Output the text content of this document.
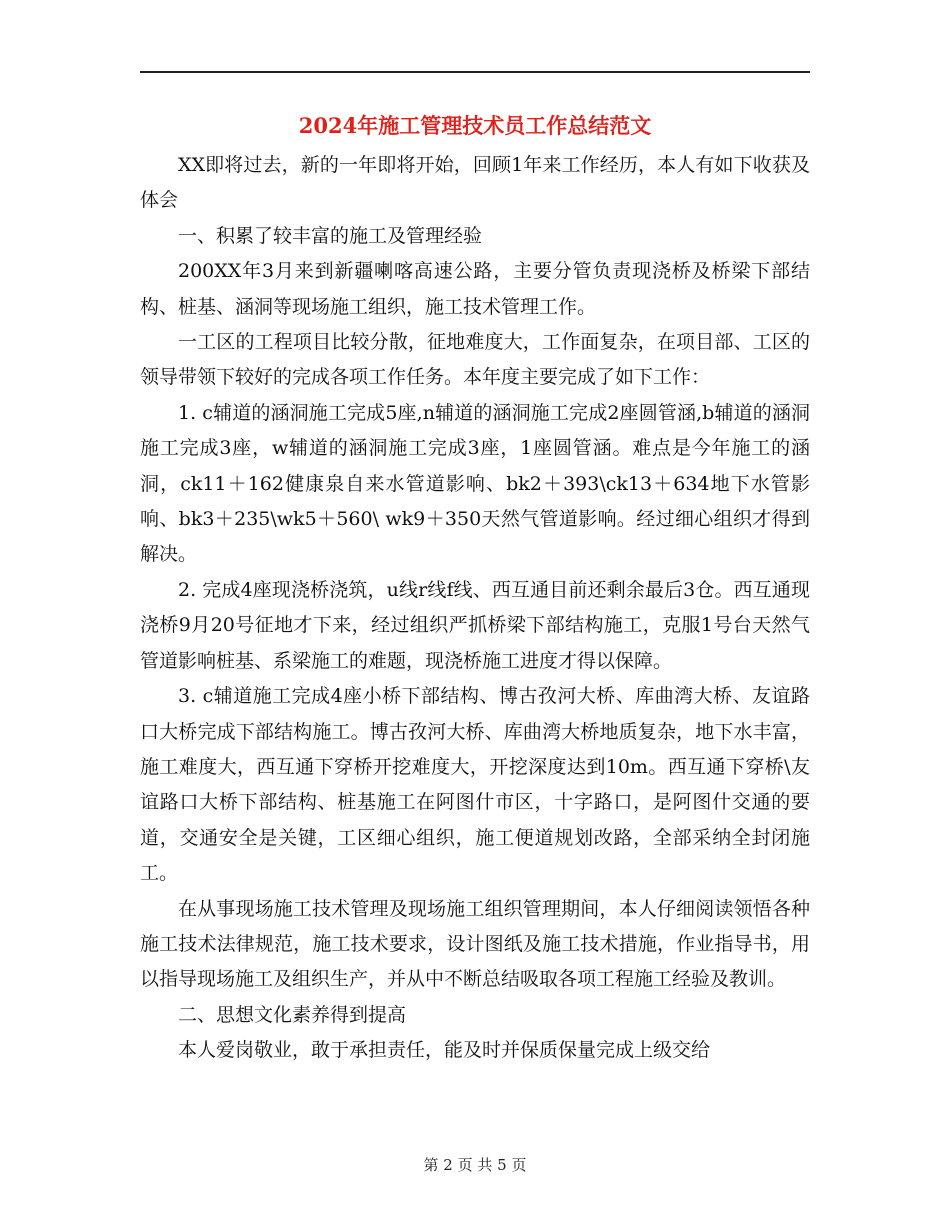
2024年施工管理技术员工作总结范文

XX即将过去，新的一年即将开始，回顾1年来工作经历，本人有如下收获及体会

一、积累了较丰富的施工及管理经验

200XX年3月来到新疆喇喀高速公路，主要分管负责现浇桥及桥梁下部结构、桩基、涵洞等现场施工组织，施工技术管理工作。

一工区的工程项目比较分散，征地难度大，工作面复杂，在项目部、工区的领导带领下较好的完成各项工作任务。本年度主要完成了如下工作：

1. c辅道的涵洞施工完成5座,n辅道的涵洞施工完成2座圆管涵,b辅道的涵洞施工完成3座，w辅道的涵洞施工完成3座，1座圆管涵。难点是今年施工的涵洞，ck11＋162健康泉自来水管道影响、bk2＋393\ck13＋634地下水管影响、bk3＋235\wk5＋560\ wk9＋350天然气管道影响。经过细心组织才得到解决。

2. 完成4座现浇桥浇筑，u线r线f线、西互通目前还剩余最后3仓。西互通现浇桥9月20号征地才下来，经过组织严抓桥梁下部结构施工，克服1号台天然气管道影响桩基、系梁施工的难题，现浇桥施工进度才得以保障。

3. c辅道施工完成4座小桥下部结构、博古孜河大桥、库曲湾大桥、友谊路口大桥完成下部结构施工。博古孜河大桥、库曲湾大桥地质复杂，地下水丰富，施工难度大，西互通下穿桥开挖难度大，开挖深度达到10m。西互通下穿桥\友谊路口大桥下部结构、桩基施工在阿图什市区，十字路口，是阿图什交通的要道，交通安全是关键，工区细心组织，施工便道规划改路，全部采纳全封闭施工。

在从事现场施工技术管理及现场施工组织管理期间，本人仔细阅读领悟各种施工技术法律规范，施工技术要求，设计图纸及施工技术措施，作业指导书，用以指导现场施工及组织生产，并从中不断总结吸取各项工程施工经验及教训。

二、思想文化素养得到提高

本人爱岗敬业，敢于承担责任，能及时并保质保量完成上级交给

第 2 页 共 5 页
